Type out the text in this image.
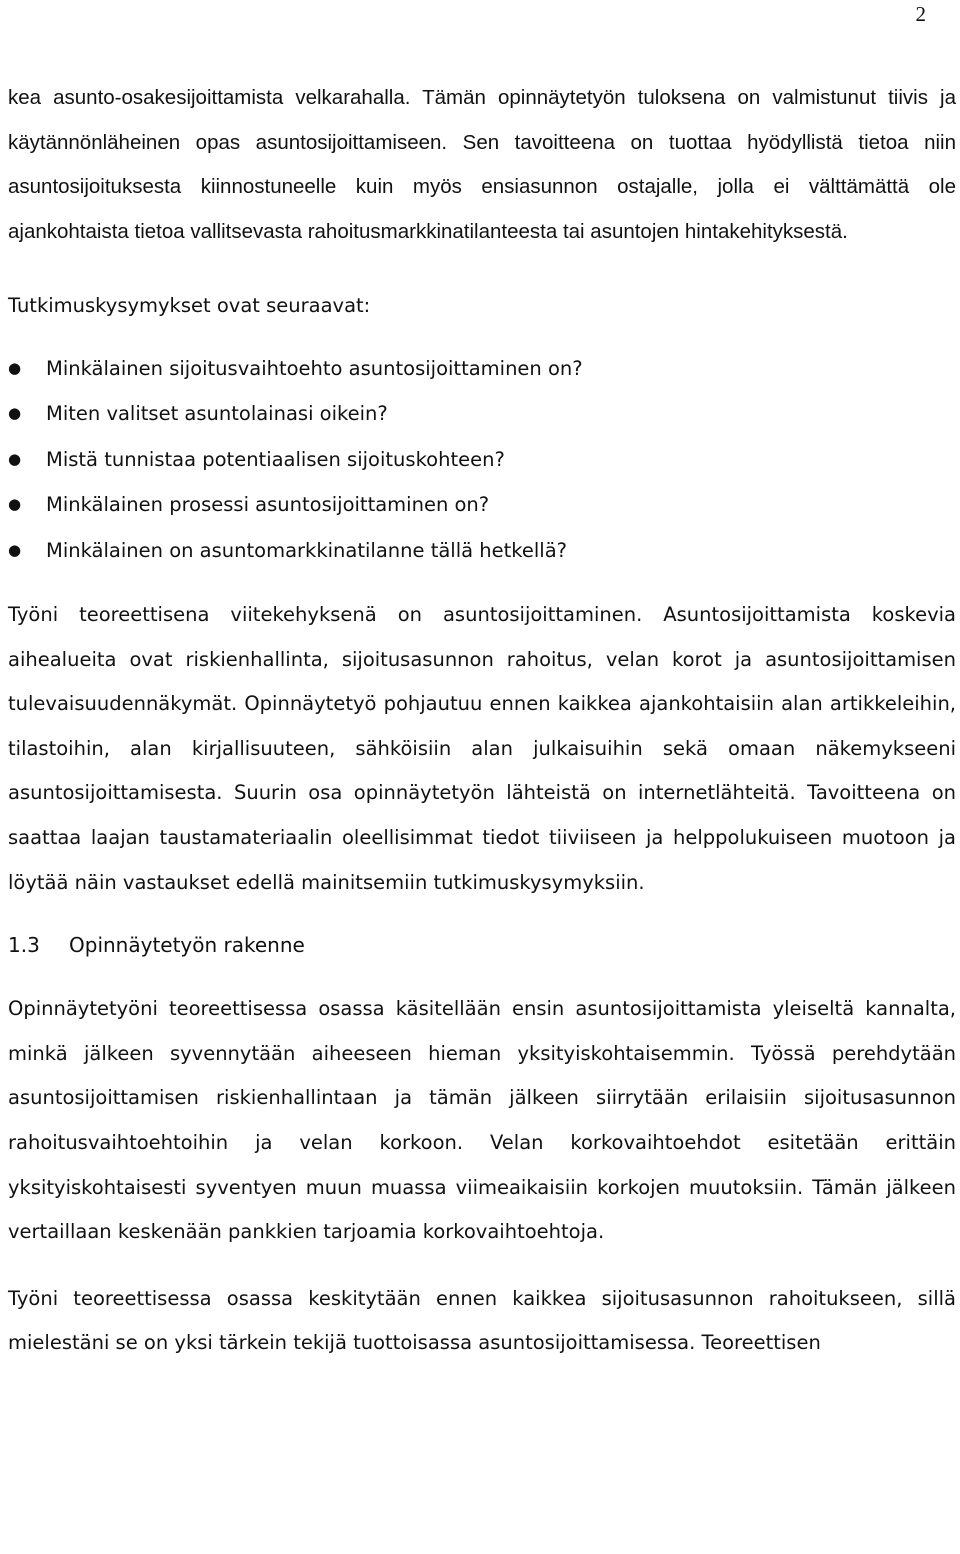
2

kea asunto-osakesijoittamista velkarahalla. Tämän opinnäytetyön tuloksena on valmistunut tiivis ja käytännönläheinen opas asuntosijoittamiseen. Sen tavoitteena on tuottaa hyödyllistä tietoa niin asuntosijoituksesta kiinnostuneelle kuin myös ensiasunnon ostajalle, jolla ei välttämättä ole ajankohtaista tietoa vallitsevasta rahoitusmarkkinatilanteesta tai asuntojen hintakehityksestä.

Tutkimuskysymykset ovat seuraavat:

● Minkälainen sijoitusvaihtoehto asuntosijoittaminen on?
● Miten valitset asuntolainasi oikein?
● Mistä tunnistaa potentiaalisen sijoituskohteen?
● Minkälainen prosessi asuntosijoittaminen on?
● Minkälainen on asuntomarkkinatilanne tällä hetkellä?

Työni teoreettisena viitekehyksenä on asuntosijoittaminen. Asuntosijoittamista koskevia aihealueita ovat riskienhallinta, sijoitusasunnon rahoitus, velan korot ja asuntosijoittamisen tulevaisuudennäkymät. Opinnäytetyö pohjautuu ennen kaikkea ajankohtaisiin alan artikkeleihin, tilastoihin, alan kirjallisuuteen, sähköisiin alan julkaisuihin sekä omaan näkemykseeni asuntosijoittamisesta. Suurin osa opinnäytetyön lähteistä on internetlähteitä. Tavoitteena on saattaa laajan taustamateriaalin oleellisimmat tiedot tiiviiseen ja helppolukuiseen muotoon ja löytää näin vastaukset edellä mainitsemiin tutkimuskysymyksiin.

1.3	Opinnäytetyön rakenne

Opinnäytetyöni teoreettisessa osassa käsitellään ensin asuntosijoittamista yleiseltä kannalta, minkä jälkeen syvennytään aiheeseen hieman yksityiskohtaisemmin. Työssä perehdytään asuntosijoittamisen riskienhallintaan ja tämän jälkeen siirrytään erilaisiin sijoitusasunnon rahoitusvaihtoehtoihin ja velan korkoon. Velan korkovaihtoehdot esitetään erittäin yksityiskohtaisesti syventyen muun muassa viimeaikaisiin korkojen muutoksiin. Tämän jälkeen vertaillaan keskenään pankkien tarjoamia korkovaihtoehtoja.

Työni teoreettisessa osassa keskitytään ennen kaikkea sijoitusasunnon rahoitukseen, sillä mielestäni se on yksi tärkein tekijä tuottoisassa asuntosijoittamisessa. Teoreettisen
